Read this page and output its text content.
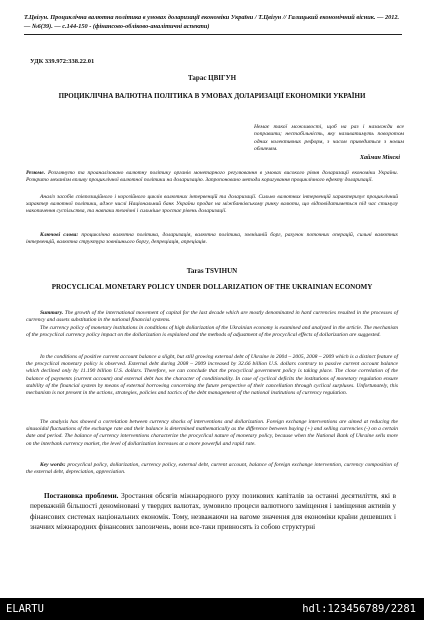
Т.Цвігун. Проциклічна валютна політика в умовах доларизації економіки України / Т.Цвігун // Галицький економічний вісник. — 2012. — №6(39). — с.144-150 - (фінансово-обліково-аналітичні аспекти)
УДК 339.972:338.22.01
Тарас ЦВІГУН
ПРОЦИКЛІЧНА ВАЛЮТНА ПОЛІТИКА В УМОВАХ ДОЛАРИЗАЦІЇ ЕКОНОМІКИ УКРАЇНИ
Немає такої можливості, щоб на раз і назавжди все поправити; нестабільність, яку називатимуть поворотом одних колективних реформ, з часом приведиться з новим обличчям.
Хайман Мінскі
Резюме. Розглянуто та проаналізовано валютну політику органів монетарного регулювання в умовах високого рівня доларизації економіки України. Розкрито механізм впливу проциклічної валютної політики на доларизацію. Запропоновано методи коригування проциклічного ефекту доларизації.
Аналіз засобів співпозиційного і корозійного циклів валютних інтервенцій та доларизації. Сильно валютних інтервенцій характеризує проциклічний характер валютної політики, адже числі Національний банк України продає на міжбанківському ринку валюти, що відповідатиметься під час стимулу накопичення суспільства, та навпаки технічні і сильніше зростає рівень доларизації.
Ключові слова: проциклічна валютна політика, доларизація, валютна політика, зовнішній борг, рахунок поточних операцій, сильні валютних інтервенцій, валютна структура зовнішнього боргу, депреціація, апреціація.
Taras TSVIHUN
PROCYCLICAL MONETARY POLICY UNDER DOLLARIZATION OF THE UKRAINIAN ECONOMY
Summary. The growth of the international movement of capital for the last decade which are mostly denominated in hard currencies resulted in the processes of currency and assets substitution in the national financial systems.
The currency policy of monetary institutions in conditions of high dollarization of the Ukrainian economy is examined and analyzed in the article. The mechanism of the procyclical currency policy impact on the dollarization is explained and the methods of adjustment of the procyclical effects of dollarization are suggested.
In the conditions of positive current account balance a slight, but still growing external debt of Ukraine in 2004 – 2005, 2008 – 2009 which is a distinct feature of the procyclical monetary policy is observed. External debt during 2008 – 2009 increased by 32.66 billion U.S. dollars contrary to passive current account balance which declined only by 11.190 billion U.S. dollars. Therefore, we can conclude that the procyclical government policy is taking place. The close correlation of the balance of payments (current account) and external debt has the character of conditionality. In case of cyclical deficits the institutions of monetary regulation ensure stability of the financial system by means of external borrowing concerning the future perspective of their cancellation through cyclical surpluses. Unfortunately, this mechanism is not present in the actions, strategies, policies and tactics of the debt management of the national institutions of currency regulation.
The analysis has showed a correlation between currency shocks of interventions and dollarization. Foreign exchange interventions are aimed at reducing the sinusoidal fluctuations of the exchange rate and their balance is determined mathematically as the difference between buying (+) and selling currencies (-) on a certain date and period. The balance of currency interventions characterize the procyclical nature of monetary policy, because when the National Bank of Ukraine sells more on the interbank currency market, the level of dollarization increases at a more powerful and rapid rate.
Key words: procyclical policy, dollarization, currency policy, external debt, current account, balance of foreign exchange intervention, currency composition of the external debt, depreciation, appreciation.
Постановка проблеми. Зростання обсягів міжнародного руху позикових капіталів за останні десятиліття, які в переважній більшості деноміновані у твердих валютах, зумовило процеси валютного заміщення і заміщення активів у фінансових системах національних економік. Тому, незважаючи на вагоме значення для економіки країни дешевших і значних міжнародних фінансових запозичень, вони все-таки привносять із собою структурні
ELARTU	hdl:123456789/2281
